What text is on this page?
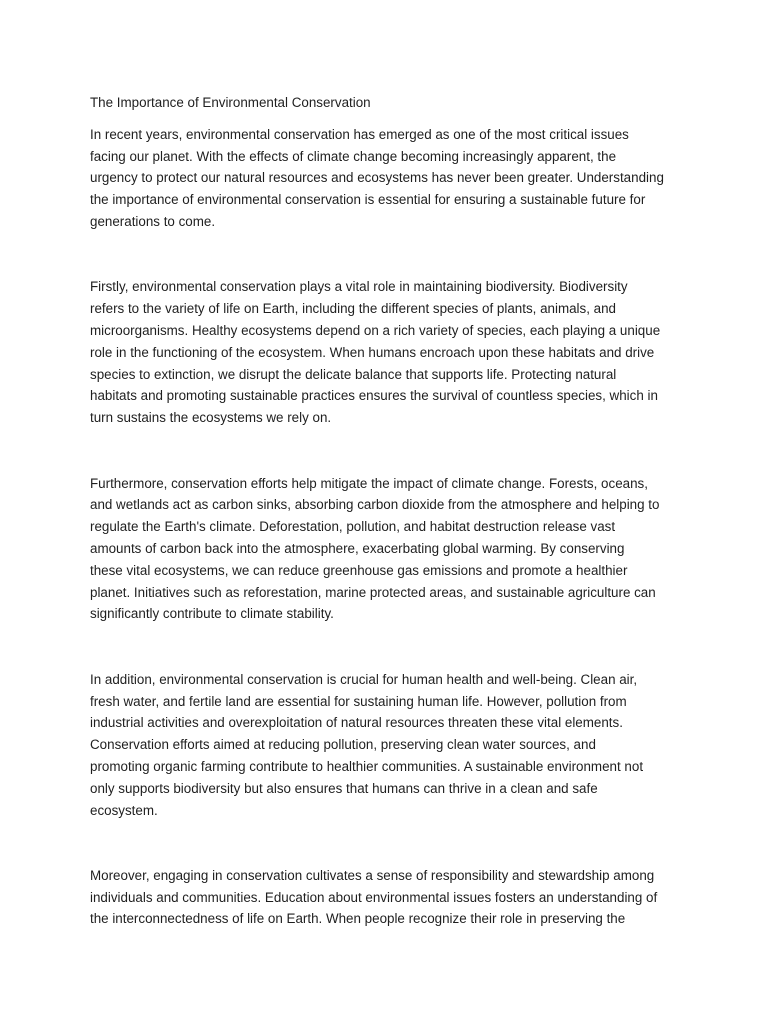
The Importance of Environmental Conservation

In recent years, environmental conservation has emerged as one of the most critical issues
facing our planet. With the effects of climate change becoming increasingly apparent, the
urgency to protect our natural resources and ecosystems has never been greater. Understanding
the importance of environmental conservation is essential for ensuring a sustainable future for
generations to come.

Firstly, environmental conservation plays a vital role in maintaining biodiversity. Biodiversity
refers to the variety of life on Earth, including the different species of plants, animals, and
microorganisms. Healthy ecosystems depend on a rich variety of species, each playing a unique
role in the functioning of the ecosystem. When humans encroach upon these habitats and drive
species to extinction, we disrupt the delicate balance that supports life. Protecting natural
habitats and promoting sustainable practices ensures the survival of countless species, which in
turn sustains the ecosystems we rely on.

Furthermore, conservation efforts help mitigate the impact of climate change. Forests, oceans,
and wetlands act as carbon sinks, absorbing carbon dioxide from the atmosphere and helping to
regulate the Earth's climate. Deforestation, pollution, and habitat destruction release vast
amounts of carbon back into the atmosphere, exacerbating global warming. By conserving
these vital ecosystems, we can reduce greenhouse gas emissions and promote a healthier
planet. Initiatives such as reforestation, marine protected areas, and sustainable agriculture can
significantly contribute to climate stability.

In addition, environmental conservation is crucial for human health and well-being. Clean air,
fresh water, and fertile land are essential for sustaining human life. However, pollution from
industrial activities and overexploitation of natural resources threaten these vital elements.
Conservation efforts aimed at reducing pollution, preserving clean water sources, and
promoting organic farming contribute to healthier communities. A sustainable environment not
only supports biodiversity but also ensures that humans can thrive in a clean and safe
ecosystem.

Moreover, engaging in conservation cultivates a sense of responsibility and stewardship among
individuals and communities. Education about environmental issues fosters an understanding of
the interconnectedness of life on Earth. When people recognize their role in preserving the
